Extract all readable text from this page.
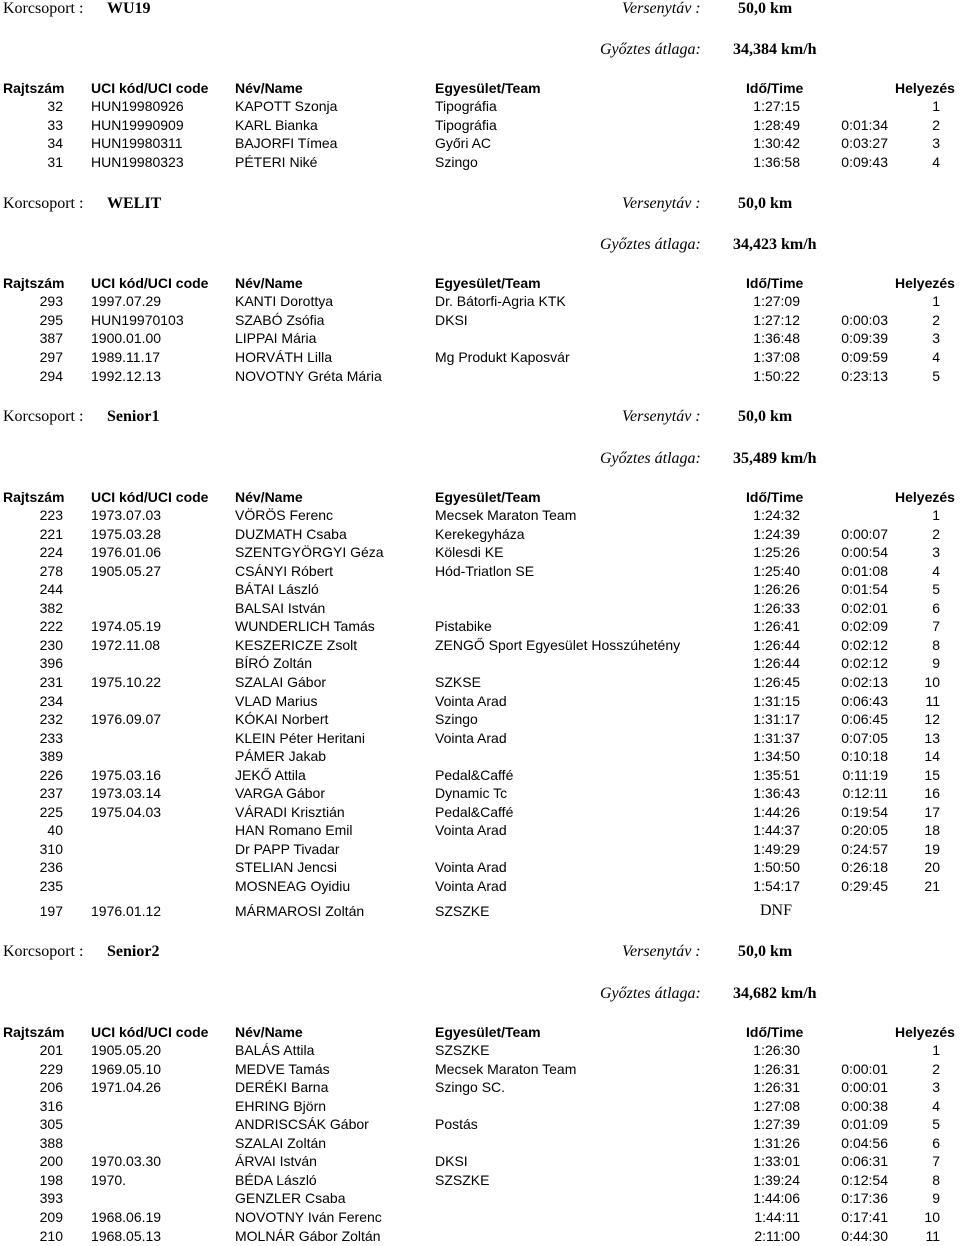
Korcsoport : WU19	Versenytáv : 50,0 km
Győztes átlaga: 34,384 km/h
Rajtszám UCI kód/UCI code Név/Name	Egyesület/Team	Idő/Time	Helyezés
32 HUN19980926	KAPOTT Szonja	Tipográfia	1:27:15	1
33 HUN19990909	KARL Bianka	Tipográfia	1:28:49	0:01:34	2
34 HUN19980311	BAJORFI Tímea	Győri AC	1:30:42	0:03:27	3
31 HUN19980323	PÉTERI Niké	Szingo	1:36:58	0:09:43	4
Korcsoport : WELIT	Versenytáv : 50,0 km
Győztes átlaga: 34,423 km/h
Rajtszám UCI kód/UCI code Név/Name	Egyesület/Team	Idő/Time	Helyezés
293 1997.07.29	KANTI Dorottya	Dr. Bátorfi-Agria KTK	1:27:09	1
295 HUN19970103	SZABÓ Zsófia	DKSI	1:27:12	0:00:03	2
387 1900.01.00	LIPPAI Mária	1:36:48	0:09:39	3
297 1989.11.17	HORVÁTH Lilla	Mg Produkt Kaposvár	1:37:08	0:09:59	4
294 1992.12.13	NOVOTNY Gréta Mária	1:50:22	0:23:13	5
Korcsoport : Senior1	Versenytáv : 50,0 km
Győztes átlaga: 35,489 km/h
Rajtszám UCI kód/UCI code Név/Name	Egyesület/Team	Idő/Time	Helyezés
223 1973.07.03	VÖRÖS Ferenc	Mecsek Maraton Team	1:24:32	1
221 1975.03.28	DUZMATH Csaba	Kerekegyháza	1:24:39	0:00:07	2
224 1976.01.06	SZENTGYÖRGYI Géza	Kölesdi KE	1:25:26	0:00:54	3
278 1905.05.27	CSÁNYI Róbert	Hód-Triatlon SE	1:25:40	0:01:08	4
244	BÁTAI László	1:26:26	0:01:54	5
382	BALSAI István	1:26:33	0:02:01	6
222 1974.05.19	WUNDERLICH Tamás	Pistabike	1:26:41	0:02:09	7
230 1972.11.08	KESZERICZE Zsolt	ZENGŐ Sport Egyesület Hosszúhetény	1:26:44	0:02:12	8
396	BÍRÓ Zoltán	1:26:44	0:02:12	9
231 1975.10.22	SZALAI Gábor	SZKSE	1:26:45	0:02:13	10
234	VLAD Marius	Vointa Arad	1:31:15	0:06:43	11
232 1976.09.07	KÓKAI Norbert	Szingo	1:31:17	0:06:45	12
233	KLEIN Péter Heritani	Vointa Arad	1:31:37	0:07:05	13
389	PÁMER Jakab	1:34:50	0:10:18	14
226 1975.03.16	JEKŐ Attila	Pedal&Caffé	1:35:51	0:11:19	15
237 1973.03.14	VARGA Gábor	Dynamic Tc	1:36:43	0:12:11	16
225 1975.04.03	VÁRADI Krisztián	Pedal&Caffé	1:44:26	0:19:54	17
40	HAN Romano Emil	Vointa Arad	1:44:37	0:20:05	18
310	Dr PAPP Tivadar	1:49:29	0:24:57	19
236	STELIAN Jencsi	Vointa Arad	1:50:50	0:26:18	20
235	MOSNEAG Oyidiu	Vointa Arad	1:54:17	0:29:45	21
197 1976.01.12	MÁRMAROSI Zoltán	SZSZKE	DNF
Korcsoport : Senior2	Versenytáv : 50,0 km
Győztes átlaga: 34,682 km/h
Rajtszám UCI kód/UCI code Név/Name	Egyesület/Team	Idő/Time	Helyezés
201 1905.05.20	BALÁS Attila	SZSZKE	1:26:30	1
229 1969.05.10	MEDVE Tamás	Mecsek Maraton Team	1:26:31	0:00:01	2
206 1971.04.26	DERÉKI Barna	Szingo SC.	1:26:31	0:00:01	3
316	EHRING Björn	1:27:08	0:00:38	4
305	ANDRISCSÁK Gábor	Postás	1:27:39	0:01:09	5
388	SZALAI Zoltán	1:31:26	0:04:56	6
200 1970.03.30	ÁRVAI István	DKSI	1:33:01	0:06:31	7
198 1970.	BÉDA László	SZSZKE	1:39:24	0:12:54	8
393	GENZLER Csaba	1:44:06	0:17:36	9
209 1968.06.19	NOVOTNY Iván Ferenc	1:44:11	0:17:41	10
210 1968.05.13	MOLNÁR Gábor Zoltán	2:11:00	0:44:30	11
